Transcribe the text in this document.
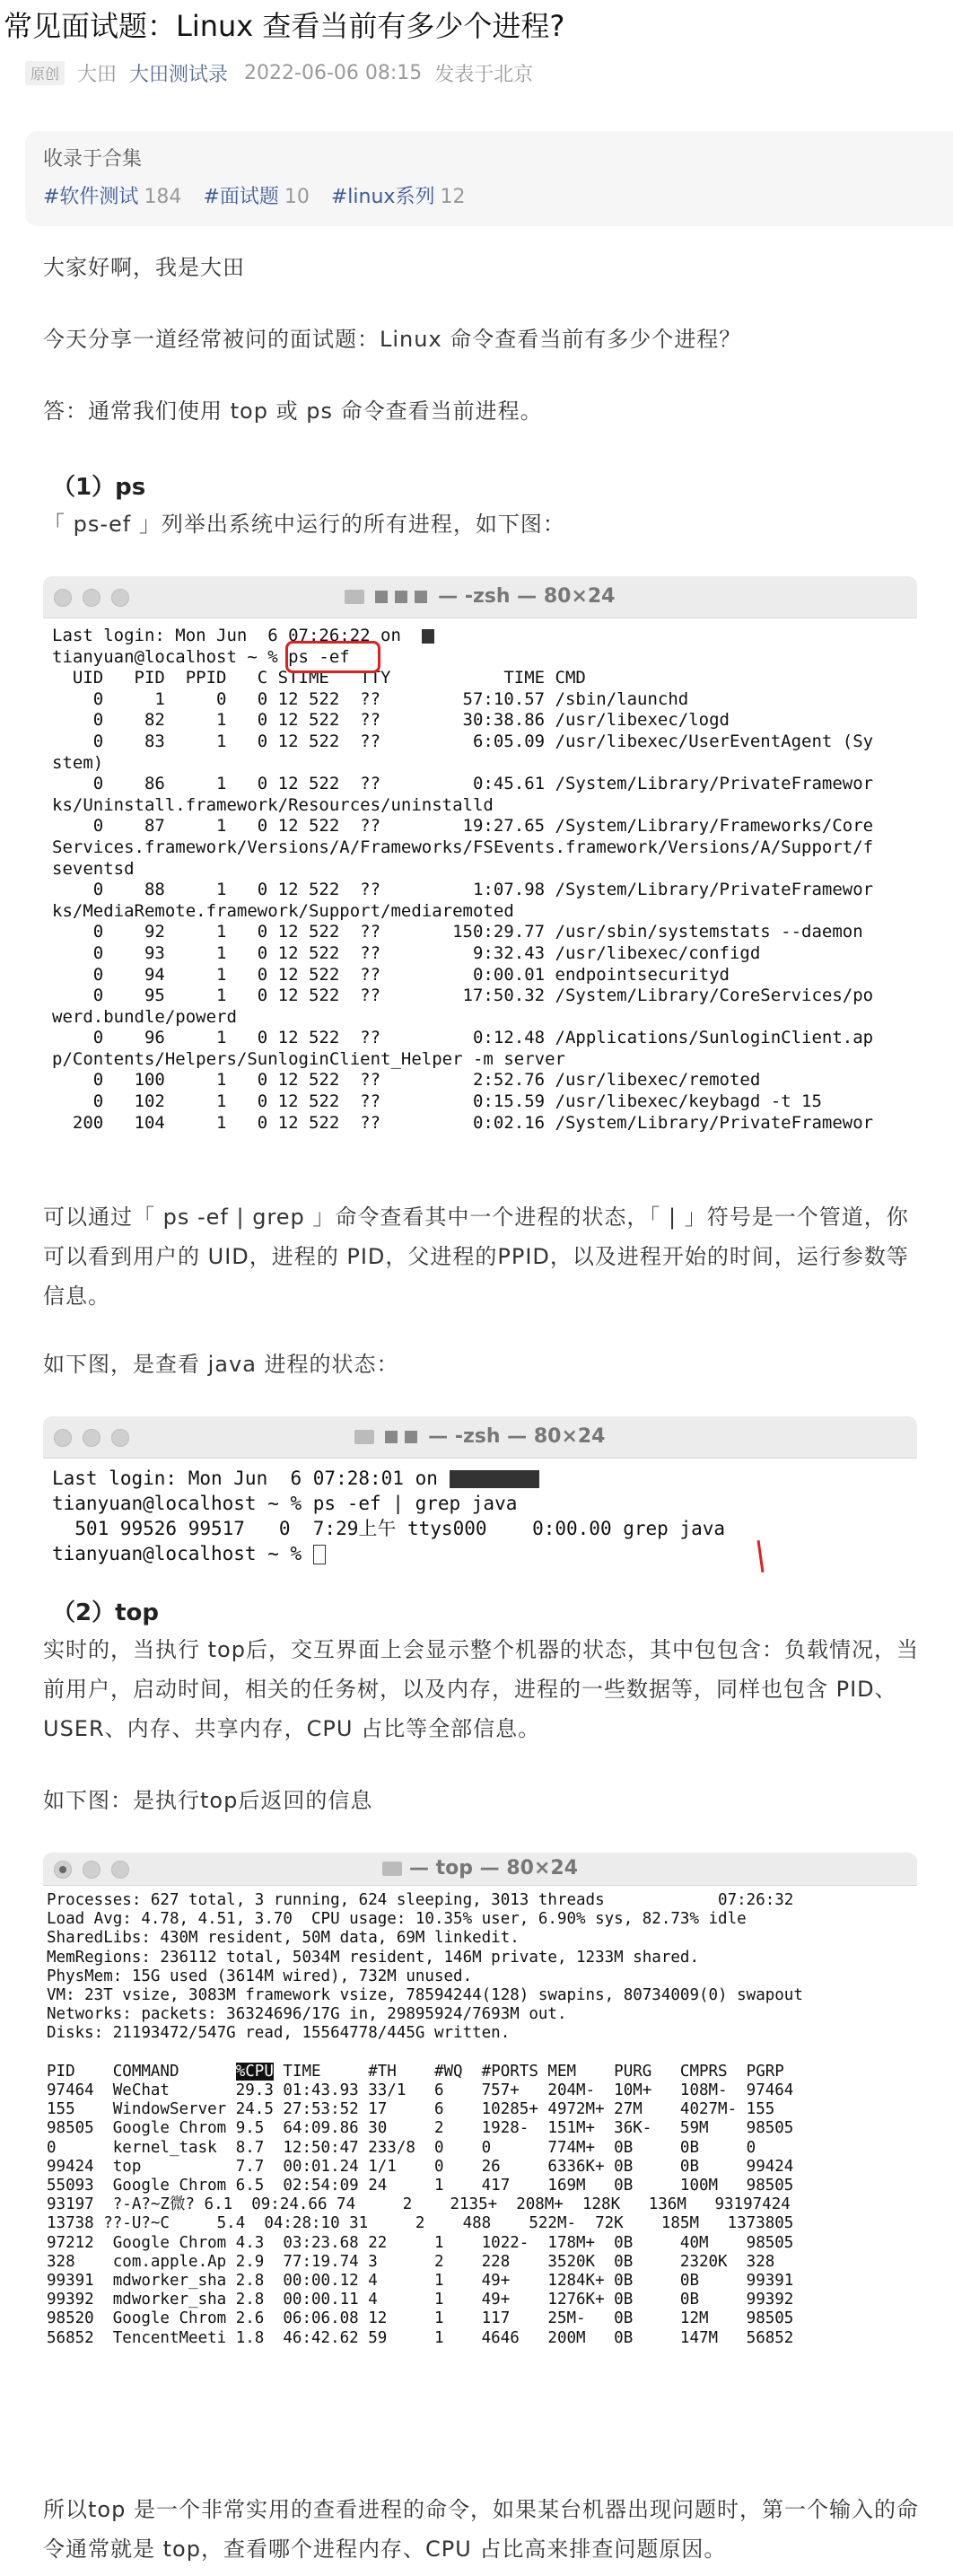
常见面试题：Linux 查看当前有多少个进程?
原创 大田 大田测试录 2022-06-06 08:15 发表于北京
收录于合集
#软件测试 184 #面试题 10 #linux系列 12

大家好啊，我是大田

今天分享一道经常被问的面试题：Linux 命令查看当前有多少个进程？

答：通常我们使用 top 或 ps 命令查看当前进程。

（1）ps

「 ps-ef 」列举出系统中运行的所有进程，如下图：

— -zsh — 80×24
Last login: Mon Jun  6 07:26:22 on
tianyuan@localhost ~ % ps -ef
UID   PID  PPID   C STIME   TTY           TIME CMD
0     1     0   0 12 522  ??        57:10.57 /sbin/launchd
0    82     1   0 12 522  ??        30:38.86 /usr/libexec/logd
0    83     1   0 12 522  ??         6:05.09 /usr/libexec/UserEventAgent (Sy
stem)
0    86     1   0 12 522  ??         0:45.61 /System/Library/PrivateFramewor
ks/Uninstall.framework/Resources/uninstalld
0    87     1   0 12 522  ??        19:27.65 /System/Library/Frameworks/Core
Services.framework/Versions/A/Frameworks/FSEvents.framework/Versions/A/Support/f
seventsd
0    88     1   0 12 522  ??         1:07.98 /System/Library/PrivateFramewor
ks/MediaRemote.framework/Support/mediaremoted
0    92     1   0 12 522  ??       150:29.77 /usr/sbin/systemstats --daemon
0    93     1   0 12 522  ??         9:32.43 /usr/libexec/configd
0    94     1   0 12 522  ??         0:00.01 endpointsecurityd
0    95     1   0 12 522  ??        17:50.32 /System/Library/CoreServices/po
werd.bundle/powerd
0    96     1   0 12 522  ??         0:12.48 /Applications/SunloginClient.ap
p/Contents/Helpers/SunloginClient_Helper -m server
0   100     1   0 12 522  ??         2:52.76 /usr/libexec/remoted
0   102     1   0 12 522  ??         0:15.59 /usr/libexec/keybagd -t 15
200   104     1   0 12 522  ??         0:02.16 /System/Library/PrivateFramewor

可以通过「 ps -ef | grep 」命令查看其中一个进程的状态，「 | 」符号是一个管道，你可以看到用户的 UID，进程的 PID，父进程的PPID，以及进程开始的时间，运行参数等信息。

如下图，是查看 java 进程的状态：

— -zsh — 80×24
Last login: Mon Jun  6 07:28:01 on
tianyuan@localhost ~ % ps -ef | grep java
501 99526 99517   0  7:29上午 ttys000    0:00.00 grep java
tianyuan@localhost ~ %
（2）top

实时的，当执行 top后，交互界面上会显示整个机器的状态，其中包包含：负载情况，当前用户，启动时间，相关的任务树，以及内存，进程的一些数据等，同样也包含 PID、USER、内存、共享内存，CPU 占比等全部信息。

如下图：是执行top后返回的信息

— top — 80×24
Processes: 627 total, 3 running, 624 sleeping, 3013 threads            07:26:32
Load Avg: 4.78, 4.51, 3.70  CPU usage: 10.35% user, 6.90% sys, 82.73% idle
SharedLibs: 430M resident, 50M data, 69M linkedit.
MemRegions: 236112 total, 5034M resident, 146M private, 1233M shared.
PhysMem: 15G used (3614M wired), 732M unused.
VM: 23T vsize, 3083M framework vsize, 78594244(128) swapins, 80734009(0) swapout
Networks: packets: 36324696/17G in, 29895924/7693M out.
Disks: 21193472/547G read, 15564778/445G written.

PID    COMMAND      %CPU TIME     #TH    #WQ  #PORTS MEM    PURG   CMPRS  PGRP
97464  WeChat       29.3 01:43.93 33/1   6    757+   204M-  10M+   108M-  97464
155    WindowServer 24.5 27:53:52 17     6    10285+ 4972M+ 27M    4027M- 155
98505  Google Chrom 9.5  64:09.86 30     2    1928-  151M+  36K-   59M    98505
0      kernel_task  8.7  12:50:47 233/8  0    0      774M+  0B     0B     0
99424  top          7.7  00:01.24 1/1    0    26     6336K+ 0B     0B     99424
55093  Google Chrom 6.5  02:54:09 24     1    417    169M   0B     100M   98505
93197  ?-A?~Z微? 6.1  09:24.66 74     2    2135+  208M+  128K   136M   93197424
13738 ??-U?~C     5.4  04:28:10 31     2    488    522M-  72K    185M   1373805
97212  Google Chrom 4.3  03:23.68 22     1    1022-  178M+  0B     40M    98505
328    com.apple.Ap 2.9  77:19.74 3      2    228    3520K  0B     2320K  328
99391  mdworker_sha 2.8  00:00.12 4      1    49+    1284K+ 0B     0B     99391
99392  mdworker_sha 2.8  00:00.11 4      1    49+    1276K+ 0B     0B     99392
98520  Google Chrom 2.6  06:06.08 12     1    117    25M-   0B     12M    98505
56852  TencentMeeti 1.8  46:42.62 59     1    4646   200M   0B     147M   56852

所以top 是一个非常实用的查看进程的命令，如果某台机器出现问题时，第一个输入的命令通常就是 top，查看哪个进程内存、CPU 占比高来排查问题原因。
